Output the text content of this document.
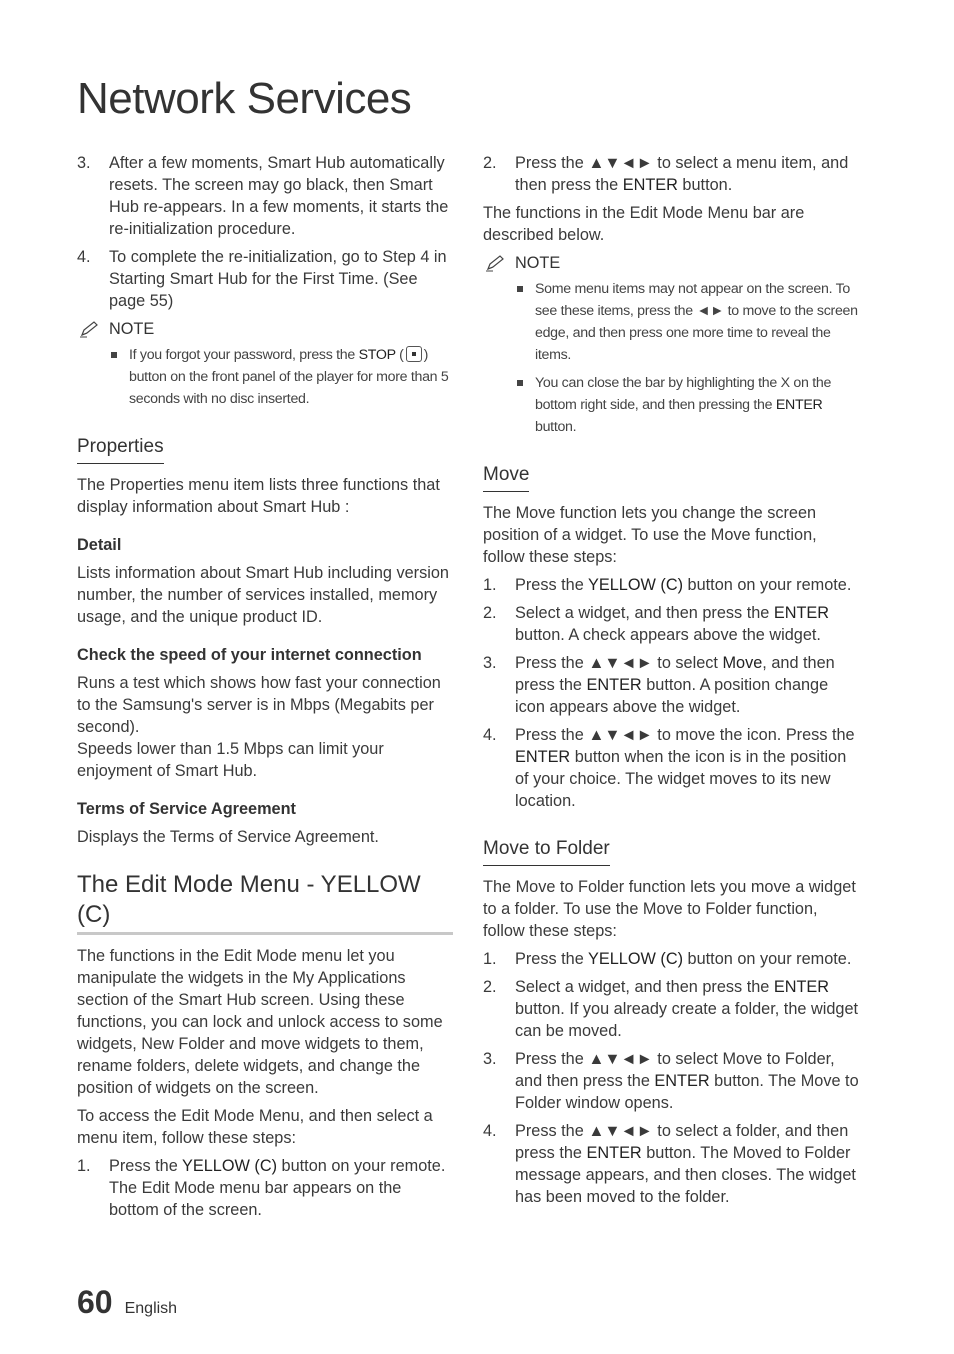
Network Services
3.	After a few moments, Smart Hub automatically resets. The screen may go black, then Smart Hub re-appears. In a few moments, it starts the re-initialization procedure.
4.	To complete the re-initialization, go to Step 4 in Starting Smart Hub for the First Time. (See page 55)
NOTE
If you forgot your password, press the STOP ( ) button on the front panel of the player for more than 5 seconds with no disc inserted.
Properties

The Properties menu item lists three functions that display information about Smart Hub :

Detail

Lists information about Smart Hub including version number, the number of services installed, memory usage, and the unique product ID.

Check the speed of your internet connection

Runs a test which shows how fast your connection to the Samsung's server is in Mbps (Megabits per second).

Speeds lower than 1.5 Mbps can limit your enjoyment of Smart Hub.

Terms of Service Agreement

Displays the Terms of Service Agreement.

The Edit Mode Menu - YELLOW (C)

The functions in the Edit Mode menu let you manipulate the widgets in the My Applications section of the Smart Hub screen. Using these functions, you can lock and unlock access to some widgets, New Folder and move widgets to them, rename folders, delete widgets, and change the position of widgets on the screen.

To access the Edit Mode Menu, and then select a menu item, follow these steps:

1.	Press the YELLOW (C) button on your remote. The Edit Mode menu bar appears on the bottom of the screen.
2.	Press the ▲▼◄► to select a menu item, and then press the ENTER button.

The functions in the Edit Mode Menu bar are described below.

NOTE
Some menu items may not appear on the screen. To see these items, press the ◄► to move to the screen edge, and then press one more time to reveal the items.
You can close the bar by highlighting the X on the bottom right side, and then pressing the ENTER button.
Move

The Move function lets you change the screen position of a widget. To use the Move function, follow these steps:

1.	Press the YELLOW (C) button on your remote.
2.	Select a widget, and then press the ENTER button. A check appears above the widget.
3.	Press the ▲▼◄► to select Move, and then press the ENTER button. A position change icon appears above the widget.
4.	Press the ▲▼◄► to move the icon. Press the ENTER button when the icon is in the position of your choice. The widget moves to its new location.
Move to Folder

The Move to Folder function lets you move a widget to a folder. To use the Move to Folder function, follow these steps:

1.	Press the YELLOW (C) button on your remote.
2.	Select a widget, and then press the ENTER button. If you already create a folder, the widget can be moved.
3.	Press the ▲▼◄► to select Move to Folder, and then press the ENTER button. The Move to Folder window opens.
4.	Press the ▲▼◄► to select a folder, and then press the ENTER button. The Moved to Folder message appears, and then closes. The widget has been moved to the folder.
60 English
